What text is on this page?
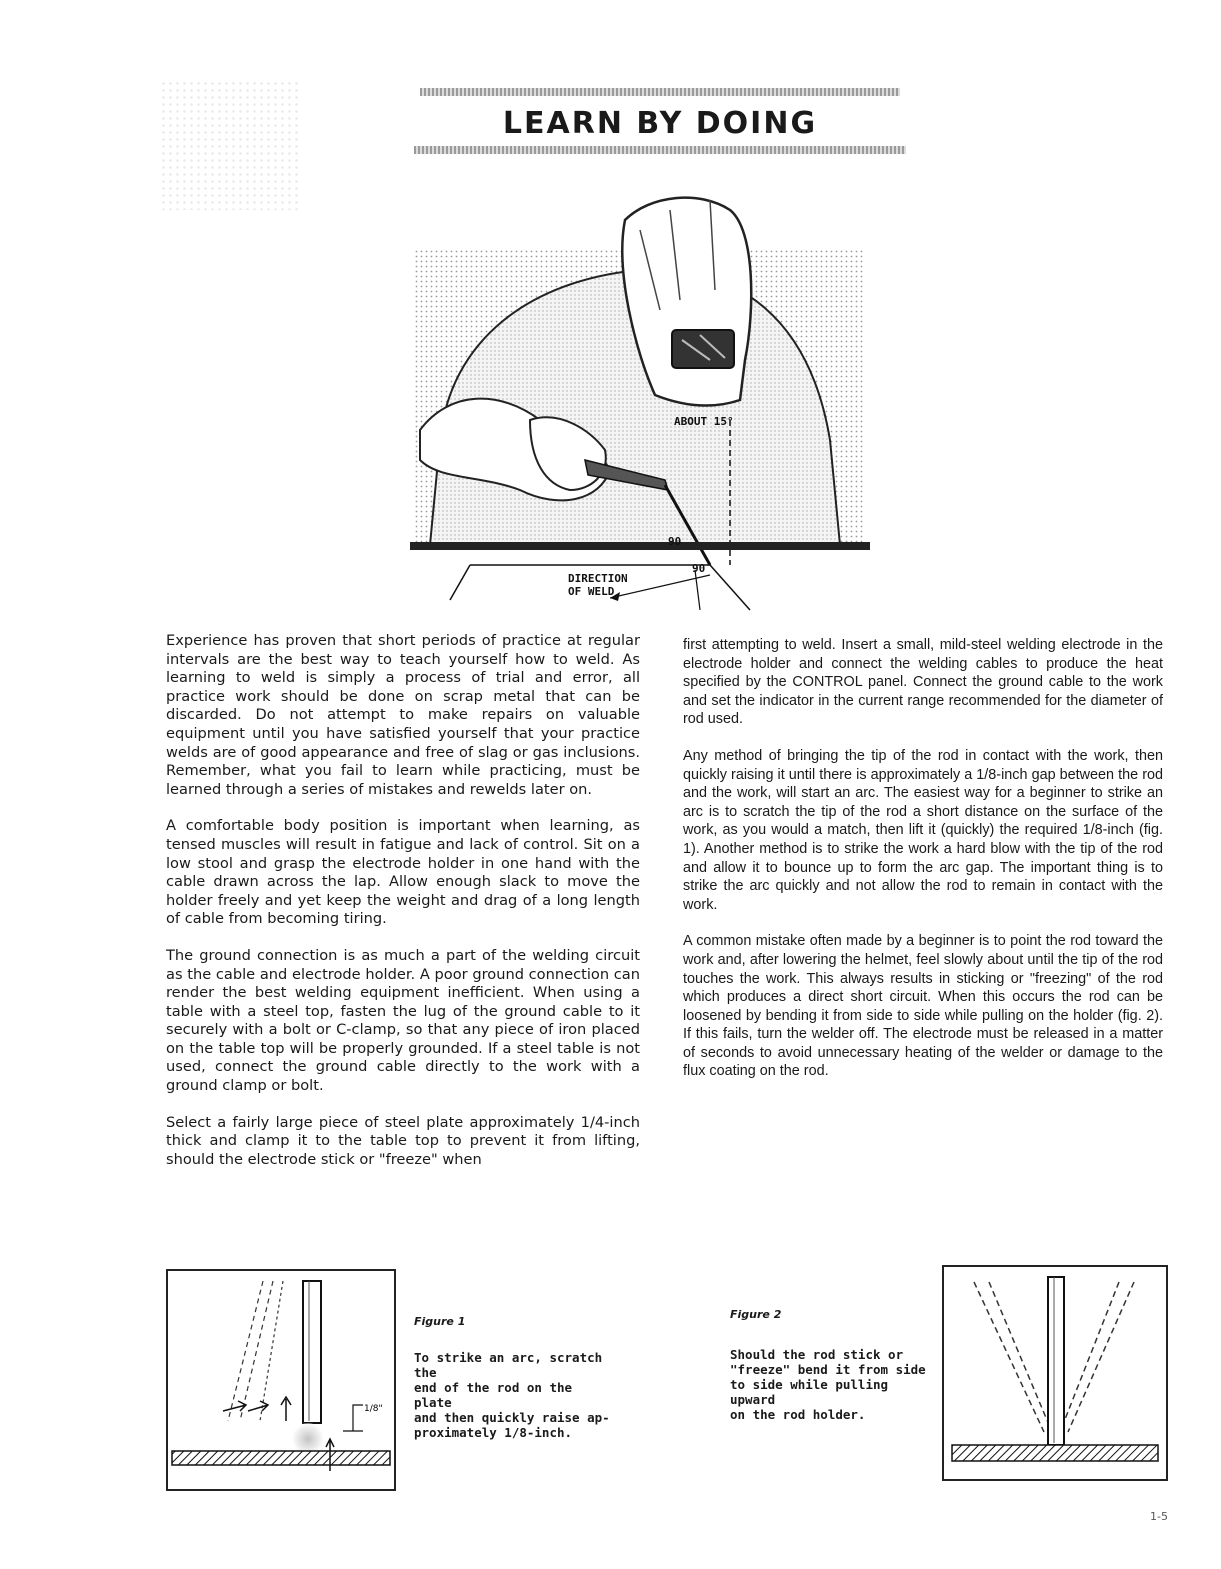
LEARN BY DOING
ABOUT 15°
90
90
DIRECTION
OF WELD

Experience has proven that short periods of practice at regular intervals are the best way to teach yourself how to weld. As learning to weld is simply a process of trial and error, all practice work should be done on scrap metal that can be discarded. Do not attempt to make repairs on valuable equipment until you have satisfied yourself that your practice welds are of good appearance and free of slag or gas inclusions. Remember, what you fail to learn while practicing, must be learned through a series of mistakes and rewelds later on.

A comfortable body position is important when learning, as tensed muscles will result in fatigue and lack of control. Sit on a low stool and grasp the electrode holder in one hand with the cable drawn across the lap. Allow enough slack to move the holder freely and yet keep the weight and drag of a long length of cable from becoming tiring.

The ground connection is as much a part of the welding circuit as the cable and electrode holder. A poor ground connection can render the best welding equipment inefficient. When using a table with a steel top, fasten the lug of the ground cable to it securely with a bolt or C-clamp, so that any piece of iron placed on the table top will be properly grounded. If a steel table is not used, connect the ground cable directly to the work with a ground clamp or bolt.

Select a fairly large piece of steel plate approximately 1/4-inch thick and clamp it to the table top to prevent it from lifting, should the electrode stick or "freeze" when

first attempting to weld. Insert a small, mild-steel welding electrode in the electrode holder and connect the welding cables to produce the heat specified by the CONTROL panel. Connect the ground cable to the work and set the indicator in the current range recommended for the diameter of rod used.

Any method of bringing the tip of the rod in contact with the work, then quickly raising it until there is approximately a 1/8-inch gap between the rod and the work, will start an arc. The easiest way for a beginner to strike an arc is to scratch the tip of the rod a short distance on the surface of the work, as you would a match, then lift it (quickly) the required 1/8-inch (fig. 1). Another method is to strike the work a hard blow with the tip of the rod and allow it to bounce up to form the arc gap. The important thing is to strike the arc quickly and not allow the rod to remain in contact with the work.

A common mistake often made by a beginner is to point the rod toward the work and, after lowering the helmet, feel slowly about until the tip of the rod touches the work. This always results in sticking or "freezing" of the rod which produces a direct short circuit. When this occurs the rod can be loosened by bending it from side to side while pulling on the holder (fig. 2). If this fails, turn the welder off. The electrode must be released in a matter of seconds to avoid unnecessary heating of the welder or damage to the flux coating on the rod.

1/8"
Figure 1
To strike an arc, scratch the
end of the rod on the plate
and then quickly raise ap-
proximately 1/8-inch.
Figure 2
Should the rod stick or
"freeze" bend it from side
to side while pulling upward
on the rod holder.
1-5
